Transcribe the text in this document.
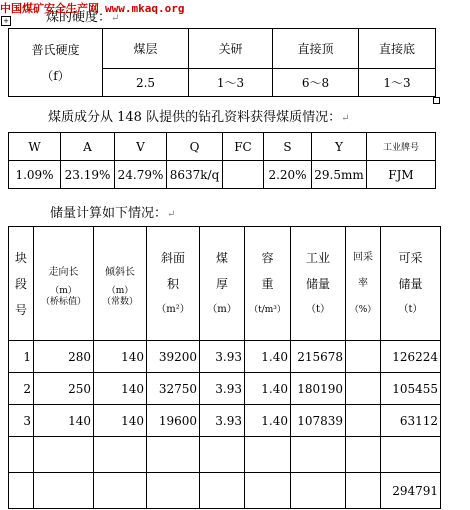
中国煤矿安全生产网 www.mkaq.org
+	煤的硬度：↵
普氏硬度
（f）	煤层	关研	直接顶	直接底
	2.5	1～3	6～8	1～3
煤质成分从 148 队提供的钻孔资料获得煤质情况：↵
W	A	V	Q	FC	S	Y	工业牌号
1.09%	23.19%	24.79%	8637k/q		2.20%	29.5mm	FJM
储量计算如下情况：↵
块
段
号	走向长
（m）
（桥标值）	倾斜长
（m）
（常数）	斜面
积
（m²）	煤
厚
（m）	容
重
（t/m³）	工业
储量
（t）	回采
率
（%）	可采
储量
（t）

1	280	140	39200	3.93	1.40	215678		126224
2	250	140	32750	3.93	1.40	180190		105455
3	140	140	19600	3.93	1.40	107839		63112

								294791
